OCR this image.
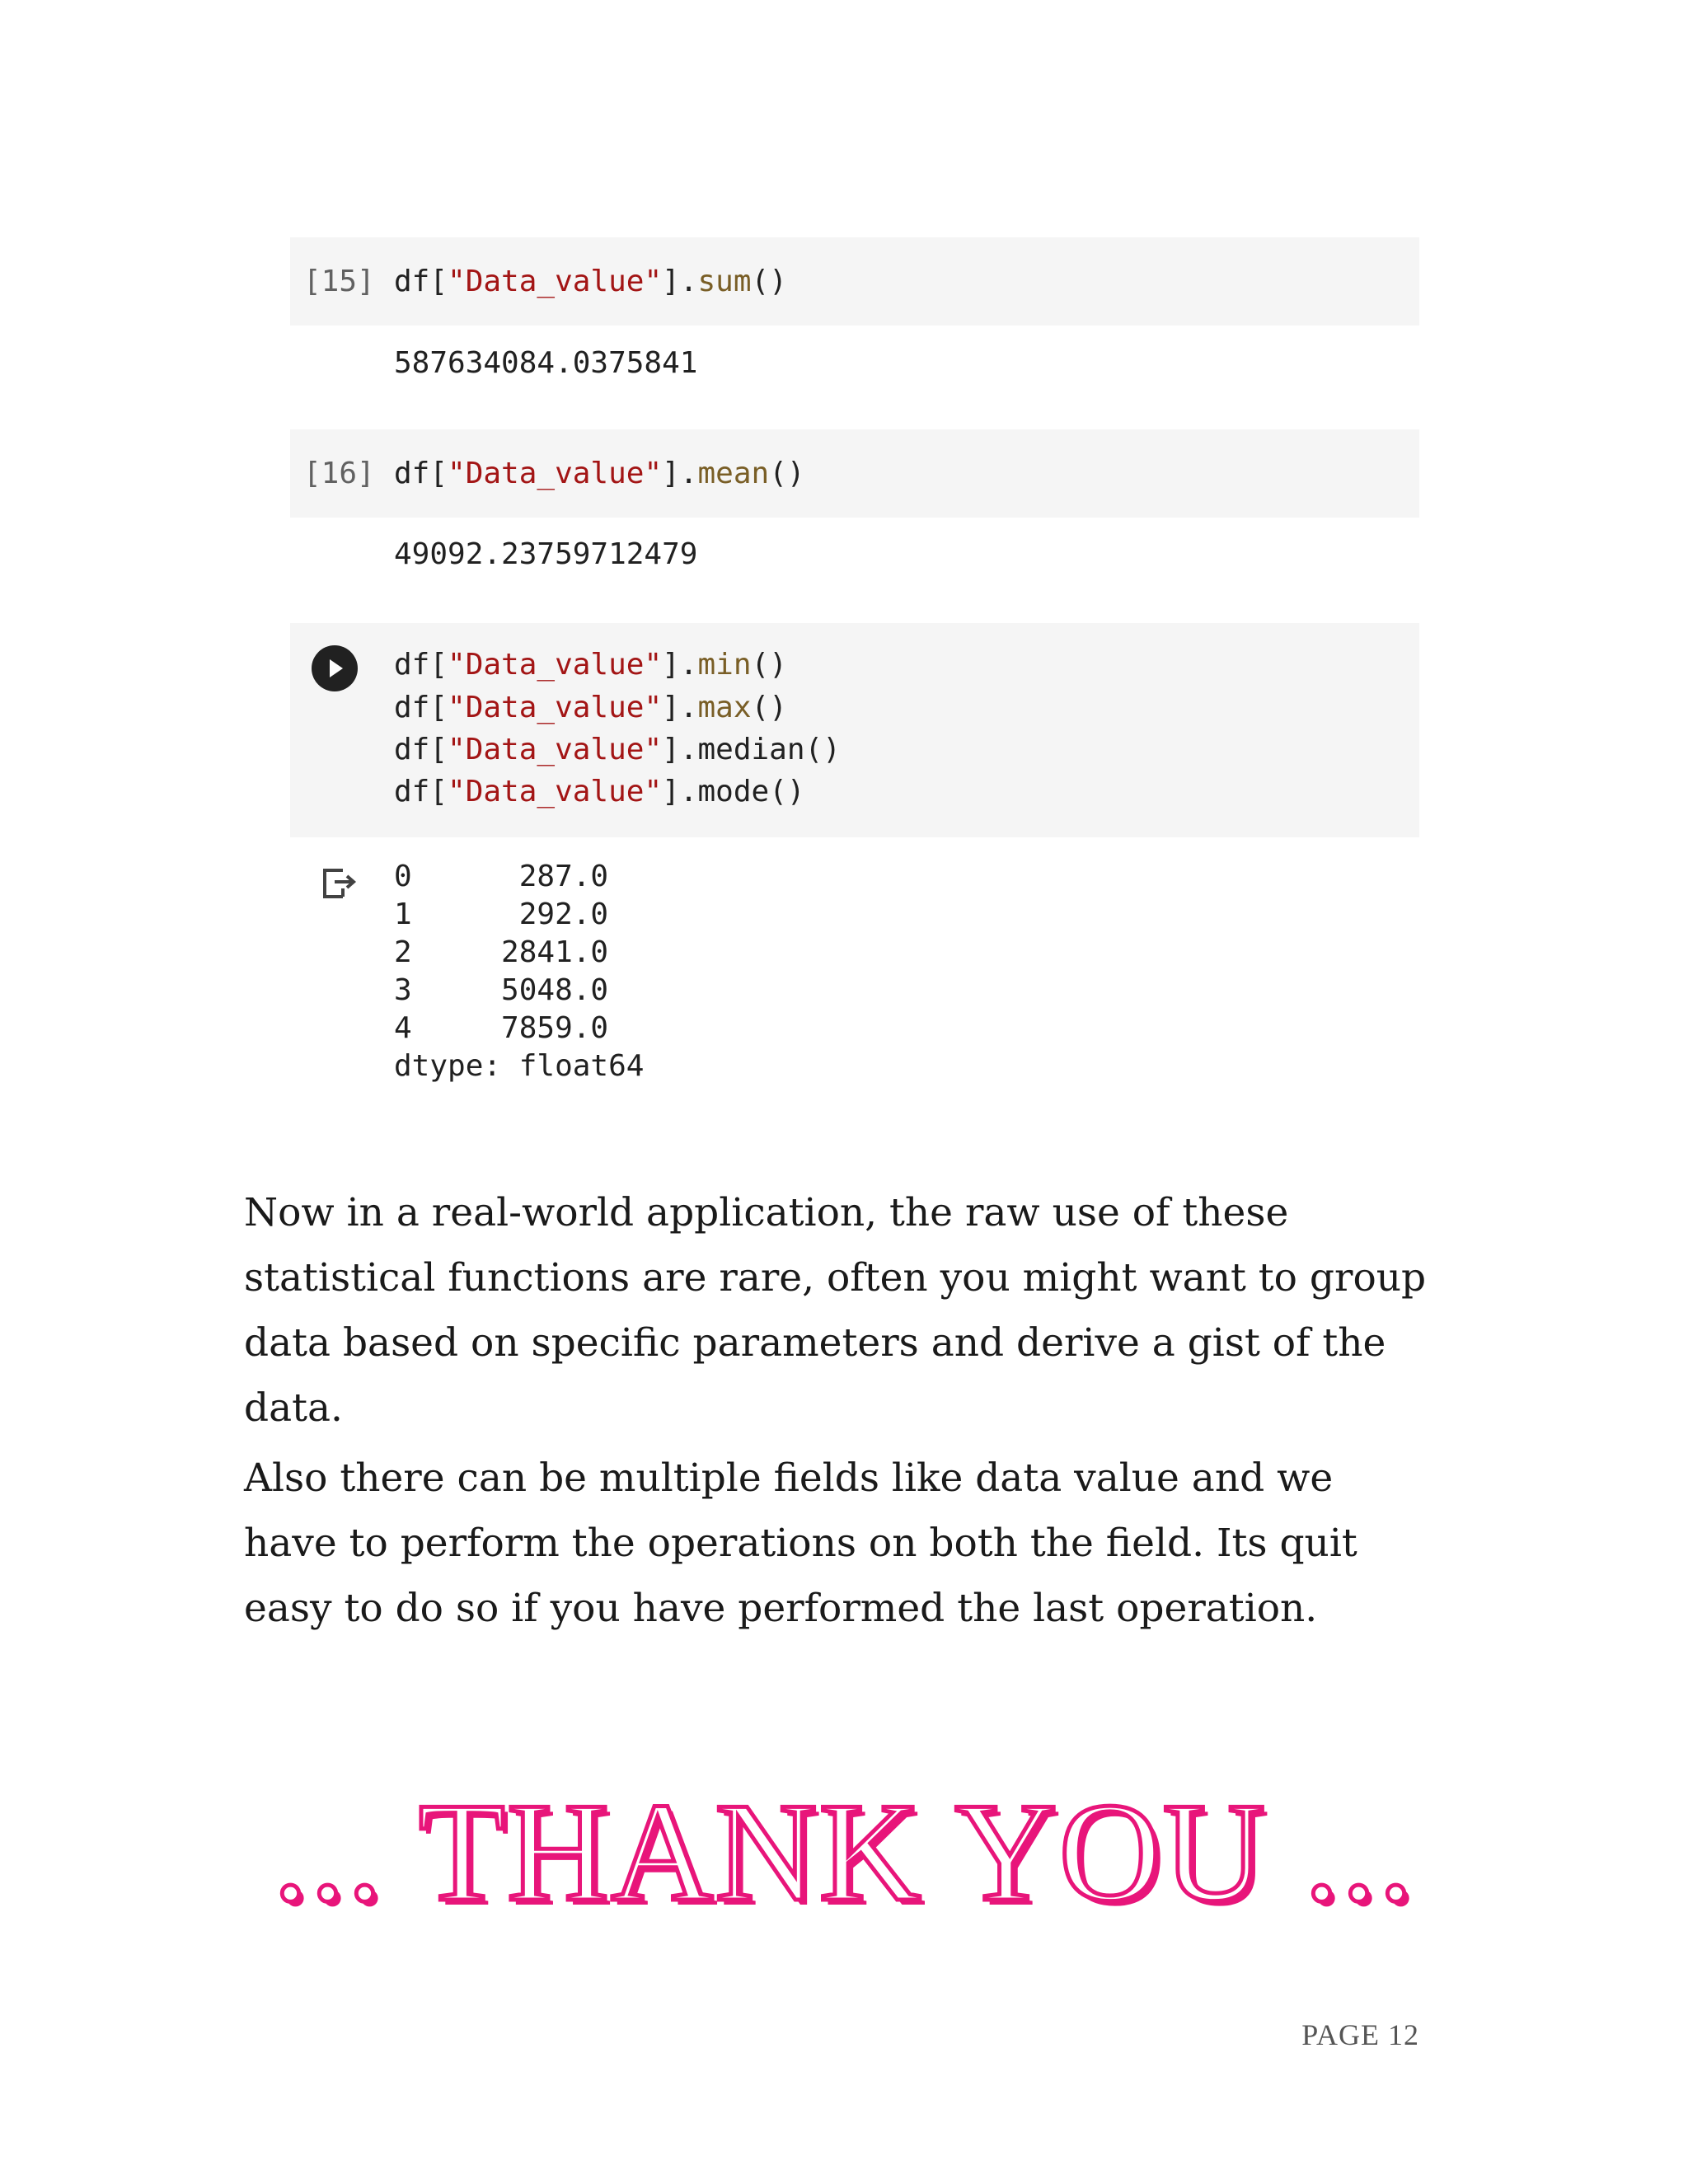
[15] df["Data_value"].sum()
587634084.0375841
[16] df["Data_value"].mean()
49092.23759712479
df["Data_value"].min()
df["Data_value"].max()
df["Data_value"].median()
df["Data_value"].mode()
0      287.0
1      292.0
2     2841.0
3     5048.0
4     7859.0
dtype: float64

Now in a real-world application, the raw use of these statistical functions are rare, often you might want to group data based on specific parameters and derive a gist of the data.

Also there can be multiple fields like data value and we have to perform the operations on both the field. Its quit easy to do so if you have performed the last operation.

... THANK YOU ...
PAGE 12
